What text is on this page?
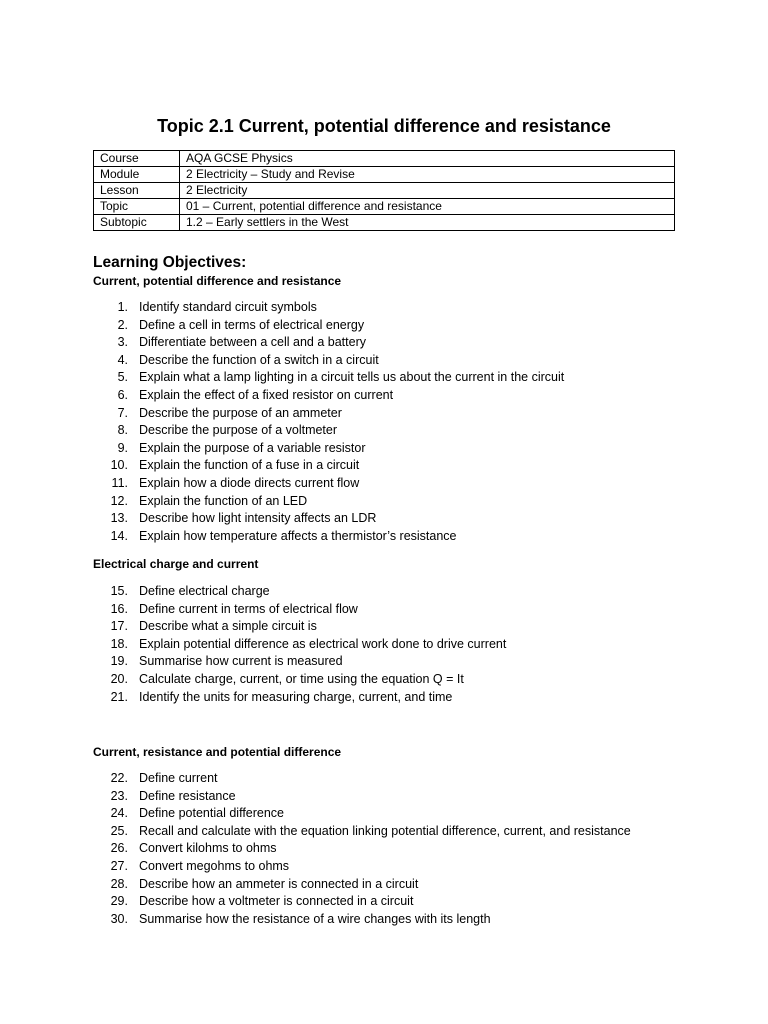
Topic 2.1 Current, potential difference and resistance
Course	AQA GCSE Physics
Module	2 Electricity – Study and Revise
Lesson	2 Electricity
Topic	01 – Current, potential difference and resistance
Subtopic	1.2 – Early settlers in the West
Learning Objectives:
Current, potential difference and resistance
1. Identify standard circuit symbols
2. Define a cell in terms of electrical energy
3. Differentiate between a cell and a battery
4. Describe the function of a switch in a circuit
5. Explain what a lamp lighting in a circuit tells us about the current in the circuit
6. Explain the effect of a fixed resistor on current
7. Describe the purpose of an ammeter
8. Describe the purpose of a voltmeter
9. Explain the purpose of a variable resistor
10. Explain the function of a fuse in a circuit
11. Explain how a diode directs current flow
12. Explain the function of an LED
13. Describe how light intensity affects an LDR
14. Explain how temperature affects a thermistor’s resistance
Electrical charge and current
15. Define electrical charge
16. Define current in terms of electrical flow
17. Describe what a simple circuit is
18. Explain potential difference as electrical work done to drive current
19. Summarise how current is measured
20. Calculate charge, current, or time using the equation Q = It
21. Identify the units for measuring charge, current, and time
Current, resistance and potential difference
22. Define current
23. Define resistance
24. Define potential difference
25. Recall and calculate with the equation linking potential difference, current, and resistance
26. Convert kilohms to ohms
27. Convert megohms to ohms
28. Describe how an ammeter is connected in a circuit
29. Describe how a voltmeter is connected in a circuit
30. Summarise how the resistance of a wire changes with its length
